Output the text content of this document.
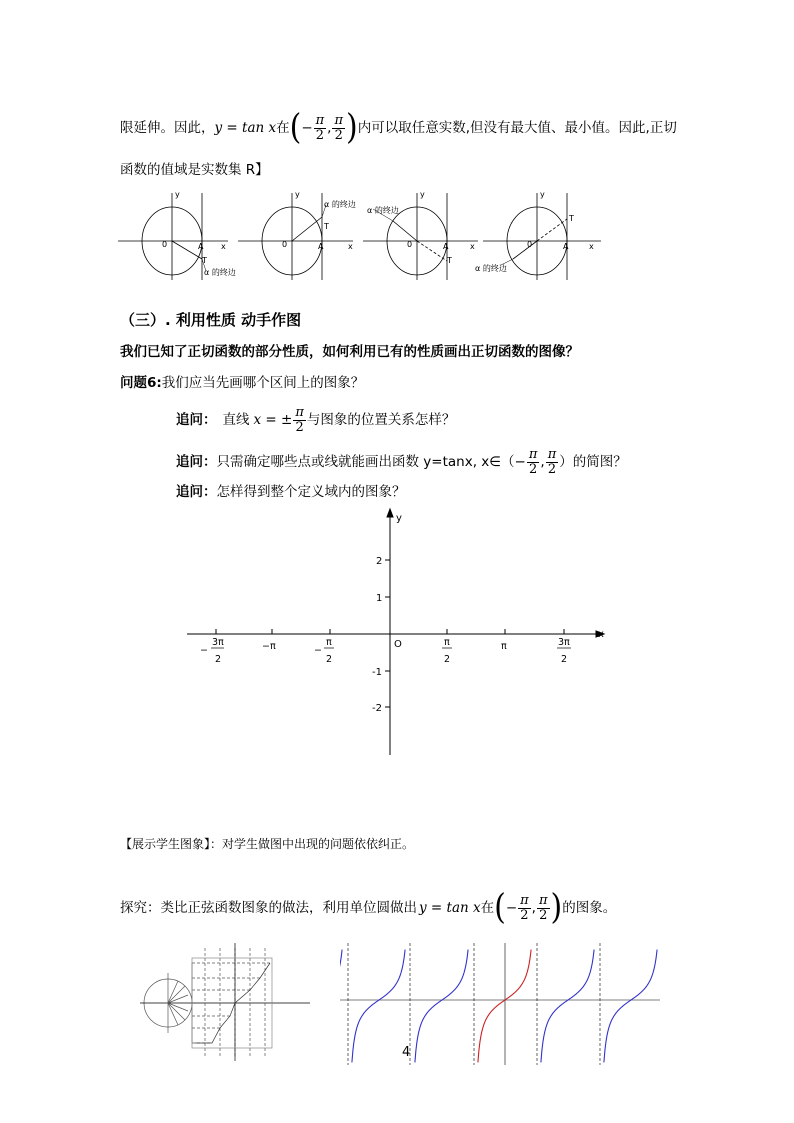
限延伸。因此， y = tan x 在 ( − $\frac{\pi}{2}$ , $\frac{\pi}{2}$ ) 内可以取任意实数,但没有最大值、最小值。因此,正切
函数的值域是实数集 R】
y
0	A x
T
α 的终边
y
0	A	x
T
α 的终边
y
0	A	x
T
α 的终边
y
0	A	x
T
α 的终边
（三）. 利用性质 动手作图
我们已知了正切函数的部分性质，如何利用已有的性质画出正切函数的图像？
问题6:我们应当先画哪个区间上的图象？
追问： 直线 x = ± $\frac{\pi}{2}$ 与图象的位置关系怎样？
追问： 只需确定哪些点或线就能画出函数 y=tanx, x∈（− $\frac{\pi}{2}$ , $\frac{\pi}{2}$ ）的简图？
追问：怎样得到整个定义域内的图象？
y
x
O
2
1
-1
-2
−
3π
2
−π	−
π
2
π
2
π	3π
2
【展示学生图象】：对学生做图中出现的问题依依纠正。
探究：类比正弦函数图象的做法，利用单位圆做出 y = tan x 在 ( − $\frac{\pi}{2}$ , $\frac{\pi}{2}$ ) 的图象。
4
